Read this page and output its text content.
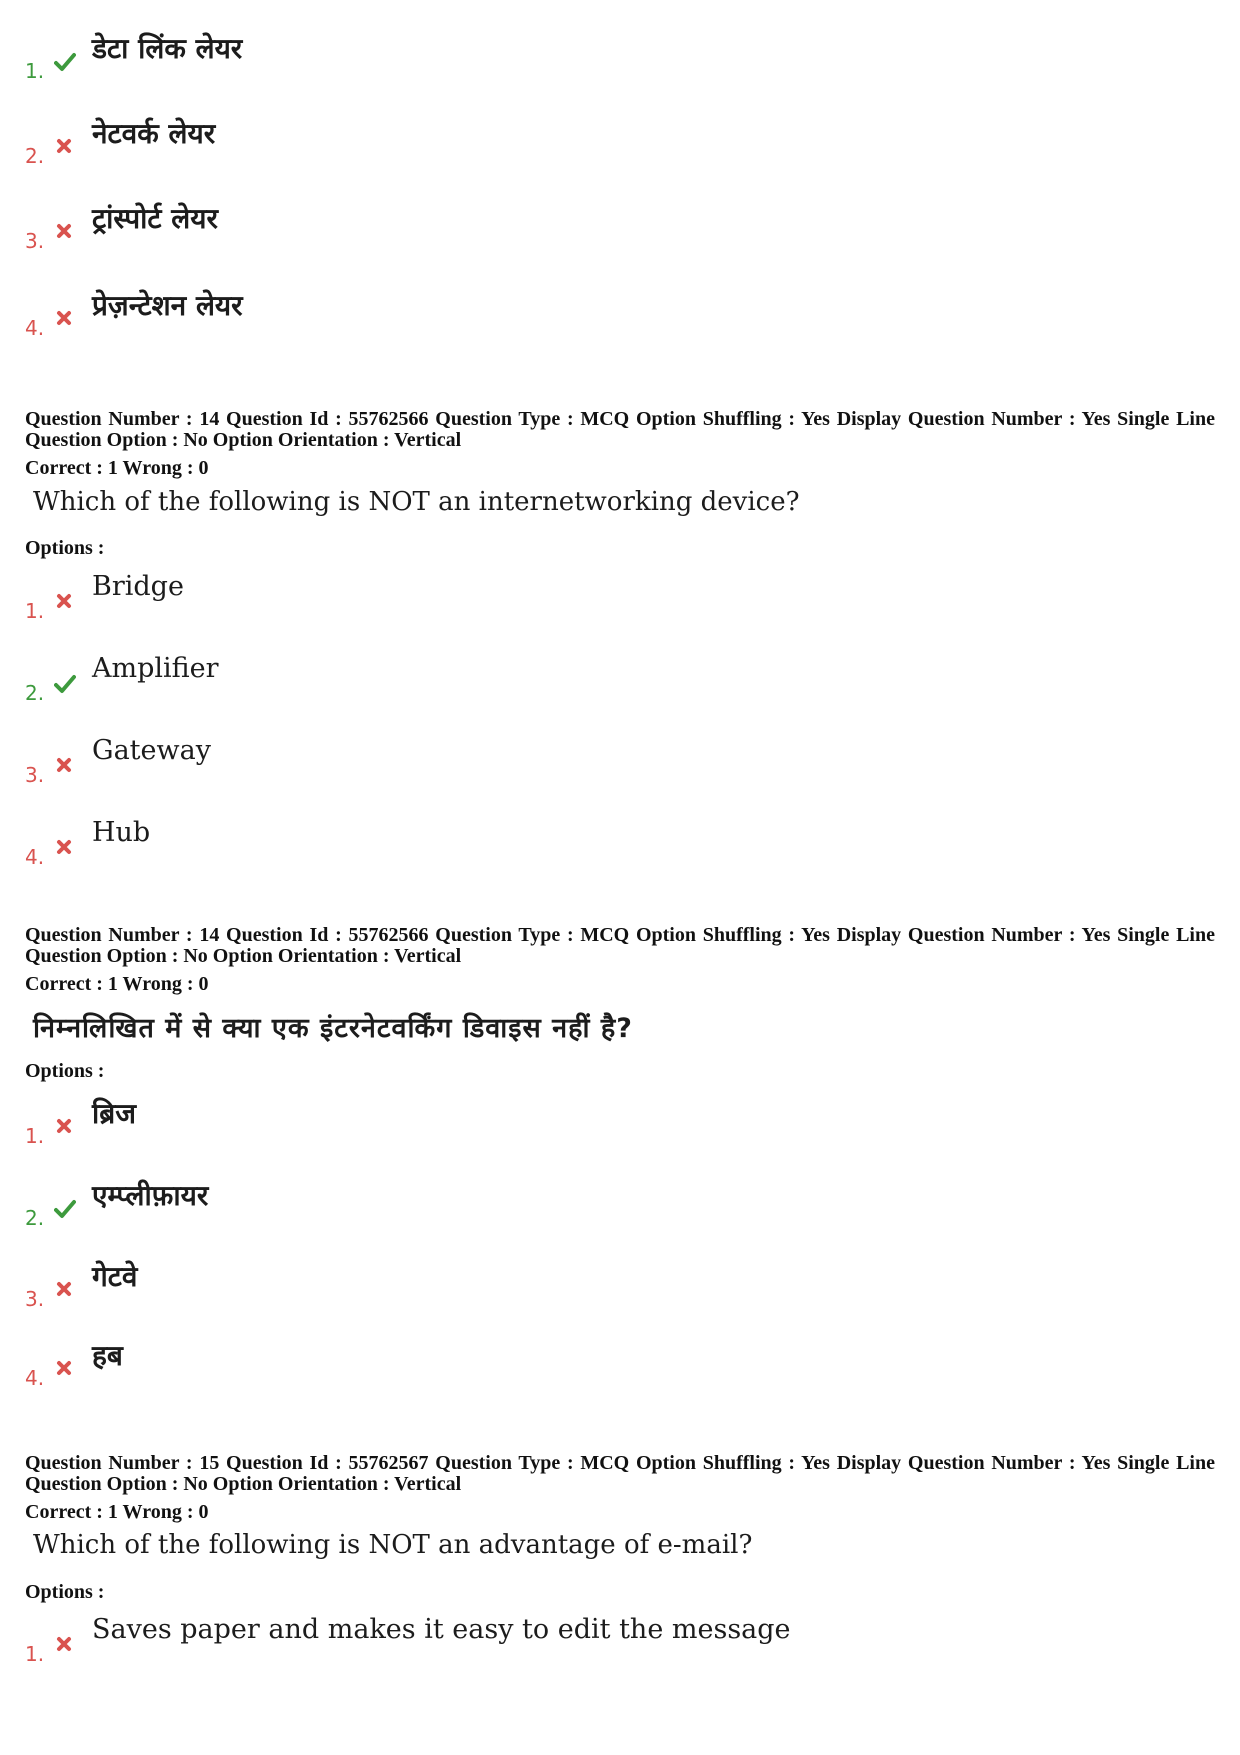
1.
डेटा लिंक लेयर
2.
नेटवर्क लेयर
3.
ट्रांस्पोर्ट लेयर
4.
प्रेज़न्टेशन लेयर
Question Number : 14 Question Id : 55762566 Question Type : MCQ Option Shuffling : Yes Display Question Number : Yes Single Line Question Option : No Option Orientation : Vertical
Correct : 1 Wrong : 0
Which of the following is NOT an internetworking device?
Options :
1.
Bridge
2.
Amplifier
3.
Gateway
4.
Hub
Question Number : 14 Question Id : 55762566 Question Type : MCQ Option Shuffling : Yes Display Question Number : Yes Single Line Question Option : No Option Orientation : Vertical
Correct : 1 Wrong : 0
निम्नलिखित में से क्या एक इंटरनेटवर्किंग डिवाइस नहीं है?
Options :
1.
ब्रिज
2.
एम्प्लीफ़ायर
3.
गेटवे
4.
हब
Question Number : 15 Question Id : 55762567 Question Type : MCQ Option Shuffling : Yes Display Question Number : Yes Single Line Question Option : No Option Orientation : Vertical
Correct : 1 Wrong : 0
Which of the following is NOT an advantage of e-mail?
Options :
1.
Saves paper and makes it easy to edit the message
